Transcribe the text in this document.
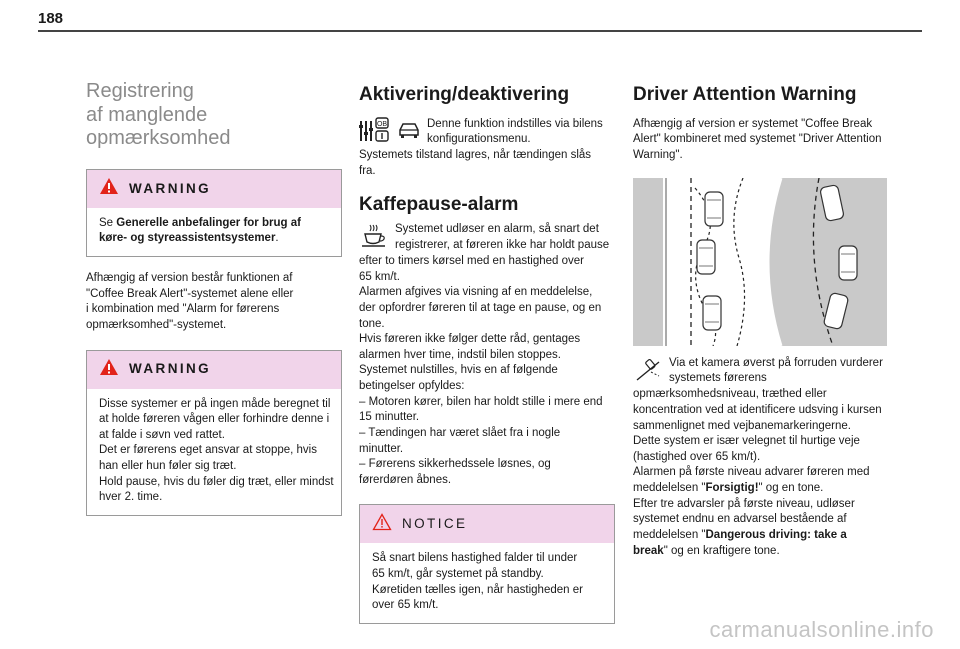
188
Registrering
af manglende
opmærksomhed
WARNING
Se Generelle anbefalinger for brug af
køre- og styreassistentsystemer.
Afhængig af version består funktionen af
"Coffee Break Alert"-systemet alene eller
i kombination med "Alarm for førerens
opmærksomhed"-systemet.
WARNING
Disse systemer er på ingen måde beregnet til
at holde føreren vågen eller forhindre denne i
at falde i søvn ved rattet.
Det er førerens eget ansvar at stoppe, hvis
han eller hun føler sig træt.
Hold pause, hvis du føler dig træt, eller mindst
hver 2. time.
Aktivering/deaktivering
OB	Denne funktion indstilles via bilens
konfigurationsmenu.
Systemets tilstand lagres, når tændingen slås
fra.
Kaffepause-alarm
Systemet udløser en alarm, så snart det
registrerer, at føreren ikke har holdt pause
efter to timers kørsel med en hastighed over
65 km/t.
Alarmen afgives via visning af en meddelelse,
der opfordrer føreren til at tage en pause, og en
tone.
Hvis føreren ikke følger dette råd, gentages
alarmen hver time, indstil bilen stoppes.
Systemet nulstilles, hvis en af følgende
betingelser opfyldes:
– Motoren kører, bilen har holdt stille i mere end
15 minutter.
– Tændingen har været slået fra i nogle
minutter.
– Førerens sikkerhedssele løsnes, og
førerdøren åbnes.
NOTICE
Så snart bilens hastighed falder til under
65 km/t, går systemet på standby.
Køretiden tælles igen, når hastigheden er
over 65 km/t.
Driver Attention Warning
Afhængig af version er systemet "Coffee Break
Alert" kombineret med systemet "Driver Attention
Warning".
Via et kamera øverst på forruden vurderer
systemets førerens
opmærksomhedsniveau, træthed eller
koncentration ved at identificere udsving i kursen
sammenlignet med vejbanemarkeringerne.
Dette system er især velegnet til hurtige veje
(hastighed over 65 km/t).
Alarmen på første niveau advarer føreren med
meddelelsen "Forsigtig!" og en tone.
Efter tre advarsler på første niveau, udløser
systemet endnu en advarsel bestående af
meddelelsen "Dangerous driving: take a
break" og en kraftigere tone.
carmanualsonline.info
